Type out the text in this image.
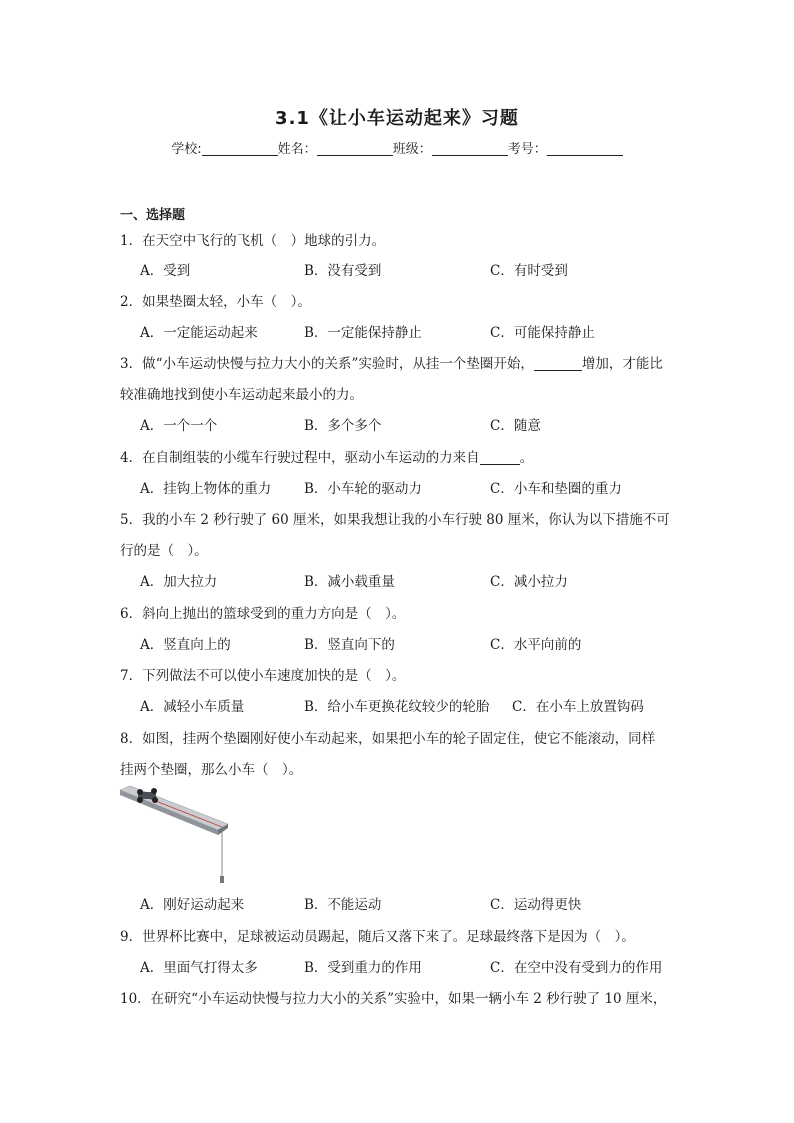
3.1《让小车运动起来》习题
学校:	姓名：	班级：	考号：
一、选择题
1．在天空中飞行的飞机（　）地球的引力。
A．受到	B．没有受到	C．有时受到
2．如果垫圈太轻，小车（　）。
A．一定能运动起来	B．一定能保持静止	C．可能保持静止
3．做“小车运动快慢与拉力大小的关系”实验时，从挂一个垫圈开始，	增加，才能比
较准确地找到使小车运动起来最小的力。
A．一个一个	B．多个多个	C．随意
4．在自制组装的小缆车行驶过程中，驱动小车运动的力来自	。
A．挂钩上物体的重力 B．小车轮的驱动力	C．小车和垫圈的重力
5．我的小车 2 秒行驶了 60 厘米，如果我想让我的小车行驶 80 厘米，你认为以下措施不可
行的是（　）。
A．加大拉力	B．减小载重量	C．减小拉力
6．斜向上抛出的篮球受到的重力方向是（　）。
A．竖直向上的	B．竖直向下的	C．水平向前的
7．下列做法不可以使小车速度加快的是（　）。
A．减轻小车质量	B．给小车更换花纹较少的轮胎 C．在小车上放置钩码
8．如图，挂两个垫圈刚好使小车动起来，如果把小车的轮子固定住，使它不能滚动，同样
挂两个垫圈，那么小车（　）。
A．刚好运动起来	B．不能运动	C．运动得更快
9．世界杯比赛中，足球被运动员踢起，随后又落下来了。足球最终落下是因为（　）。
A．里面气打得太多	B．受到重力的作用	C．在空中没有受到力的作用
10．在研究“小车运动快慢与拉力大小的关系”实验中，如果一辆小车 2 秒行驶了 10 厘米，
